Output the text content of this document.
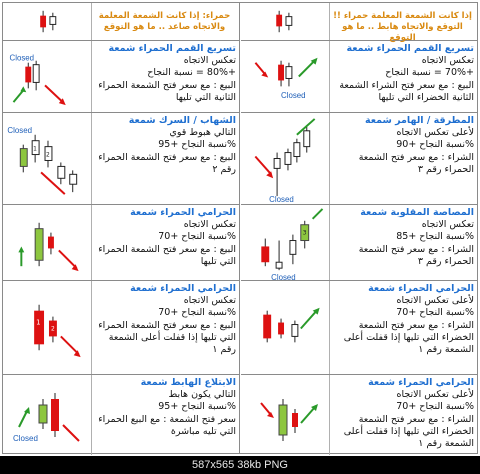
حمراء: إذا كانت الشمعة المعلمة والاتجاه صاعد .. ما هو التوقع
Closed
تسريع القمم الحمراء شمعة
تعكس الاتجاه
+80% = نسبة النجاح
البيع : مع سعر فتح الشمعة الحمراء الثانية التي تليها
Closed
1
2
الشهاب / السرك شمعة
التالي هبوط قوي
%نسبة النجاح +95
البيع : مع سعر فتح الشمعة الحمراء رقم ٢
الحرامي الحمراء شمعة
تعكس الاتجاه
%نسبة النجاح +70
البيع : مع سعر فتح الشمعة الحمراء التي تليها
1
2
الحرامي الحمراء شمعة
تعكس الاتجاه
%نسبة النجاح +70
البيع : مع سعر فتح الشمعة الحمراء التي تليها إذا قفلت أعلى الشمعة رقم ١
Closed
الابتلاع الهابط شمعة
التالي يكون هابط
%نسبة النجاح +95
سعر فتح الشمعة : مع البيع الحمراء التي تليه مباشرة
إذا كانت الشمعة المعلمة حمراء !!التوقع والاتجاه هابط .. ما هو التوقع
Closed
تسريع القمم الحمراء شمعة
تعكس الاتجاه
+70% = نسبة النجاح
البيع : مع سعر فتح الشراء الشمعة الثانية الخضراء التي تليها
Closed
المطرقة / الهامر شمعة
لأعلى تعكس الاتجاه
%نسبة النجاح +90
الشراء : مع سعر فتح الشمعة الحمراء رقم ٣
Closed
3
المصاصة المقلوبة شمعة
تعكس الاتجاه
%نسبة النجاح +85
الشراء : مع سعر فتح الشمعة الحمراء رقم ٣
الحرامي الحمراء شمعة
لأعلى تعكس الاتجاه
%نسبة النجاح +70
الشراء : مع سعر فتح الشمعة الخضراء التي تليها إذا قفلت أعلى الشمعة رقم ١
الحرامي الحمراء شمعة
لأعلى تعكس الاتجاه
%نسبة النجاح +70
الشراء : مع سعر فتح الشمعة الخضراء التي تليها إذا قفلت أعلى الشمعة رقم ١
587x565 38kb PNG
